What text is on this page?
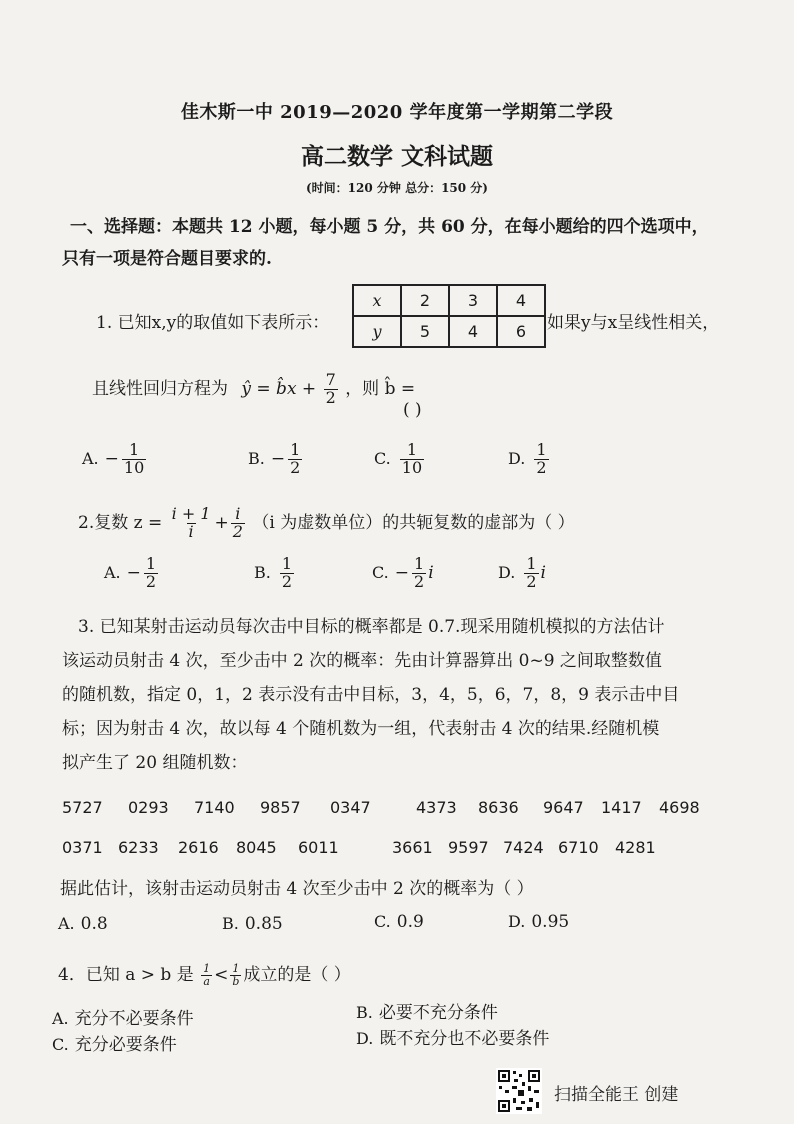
佳木斯一中 2019—2020 学年度第一学期第二学段
高二数学 文科试题
(时间：120 分钟 总分：150 分)
一、选择题：本题共 12 小题，每小题 5 分，共 60 分，在每小题给的四个选项中，
只有一项是符合题目要求的.
1. 已知x,y的取值如下表所示：
x	2	3	4
y	5	4	6 如果y与x呈线性相关，
且线性回归方程为 ŷ = b̂x + $\frac{7}{2}$ ，则 b̂ =
( )
A. − $\frac{1}{10}$	B. − $\frac{1}{2}$	C. $\frac{1}{10}$	D. $\frac{1}{2}$
2.复数 $z = \frac{i + 1}{i} + \frac{i}{2} (i$ 为虚数单位）的共轭复数的虚部为（ ）
A. − $\frac{1}{2}$	B. $\frac{1}{2}$	C. − $\frac{1}{2}$ i	D. $\frac{1}{2}$ i
3. 已知某射击运动员每次击中目标的概率都是 0.7.现采用随机模拟的方法估计
该运动员射击 4 次，至少击中 2 次的概率：先由计算器算出 0~9 之间取整数值
的随机数，指定 0，1，2 表示没有击中目标，3，4，5，6，7，8，9 表示击中目
标；因为射击 4 次，故以每 4 个随机数为一组，代表射击 4 次的结果.经随机模
拟产生了 20 组随机数：
5727 0293 7140 9857 0347	4373 8636 9647 1417 4698
0371 6233 2616 8045 6011	3661 9597 7424 6710 4281
据此估计，该射击运动员射击 4 次至少击中 2 次的概率为（ ）
A. 0.8	B. 0.85	C. 0.9	D. 0.95
4．已知 a > b 是 $\frac{1}{a} < \frac{1}{b}$ 成立的是（ ）
A. 充分不必要条件	B. 必要不充分条件
C. 充分必要条件	D. 既不充分也不必要条件
扫描全能王 创建
